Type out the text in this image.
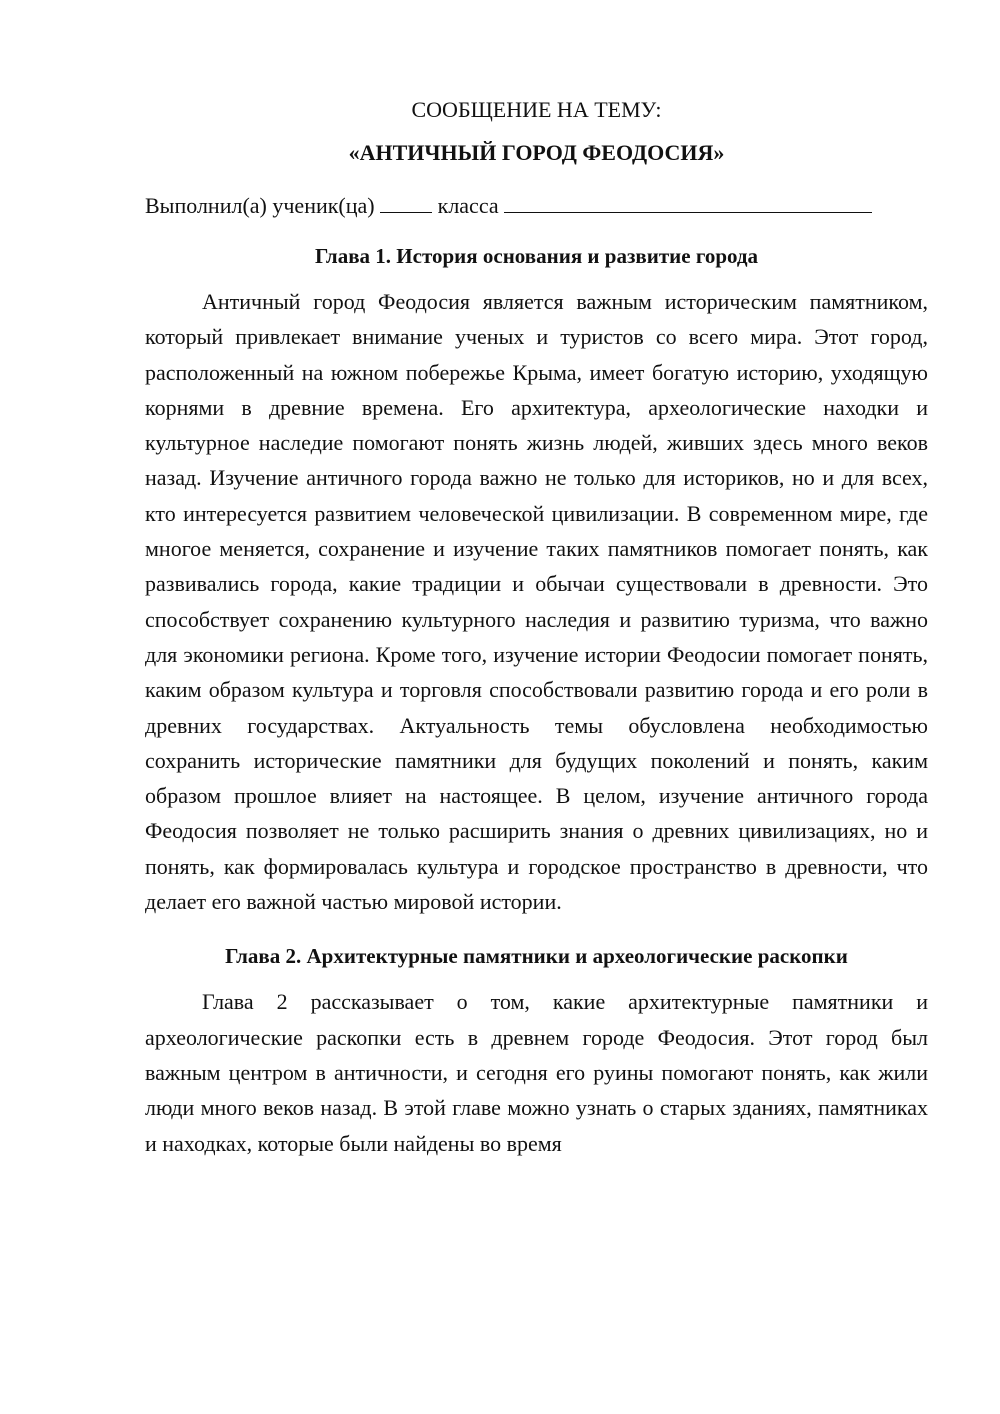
СООБЩЕНИЕ НА ТЕМУ:

«АНТИЧНЫЙ ГОРОД ФЕОДОСИЯ»

Выполнил(а) ученик(ца)	класса

Глава 1. История основания и развитие города

Античный город Феодосия является важным историческим памятником, который привлекает внимание ученых и туристов со всего мира. Этот город, расположенный на южном побережье Крыма, имеет богатую историю, уходящую корнями в древние времена. Его архитектура, археологические находки и культурное наследие помогают понять жизнь людей, живших здесь много веков назад. Изучение античного города важно не только для историков, но и для всех, кто интересуется развитием человеческой цивилизации. В современном мире, где многое меняется, сохранение и изучение таких памятников помогает понять, как развивались города, какие традиции и обычаи существовали в древности. Это способствует сохранению культурного наследия и развитию туризма, что важно для экономики региона. Кроме того, изучение истории Феодосии помогает понять, каким образом культура и торговля способствовали развитию города и его роли в древних государствах. Актуальность темы обусловлена необходимостью сохранить исторические памятники для будущих поколений и понять, каким образом прошлое влияет на настоящее. В целом, изучение античного города Феодосия позволяет не только расширить знания о древних цивилизациях, но и понять, как формировалась культура и городское пространство в древности, что делает его важной частью мировой истории.

Глава 2. Архитектурные памятники и археологические раскопки

Глава 2 рассказывает о том, какие архитектурные памятники и археологические раскопки есть в древнем городе Феодосия. Этот город был важным центром в античности, и сегодня его руины помогают понять, как жили люди много веков назад. В этой главе можно узнать о старых зданиях, памятниках и находках, которые были найдены во время
